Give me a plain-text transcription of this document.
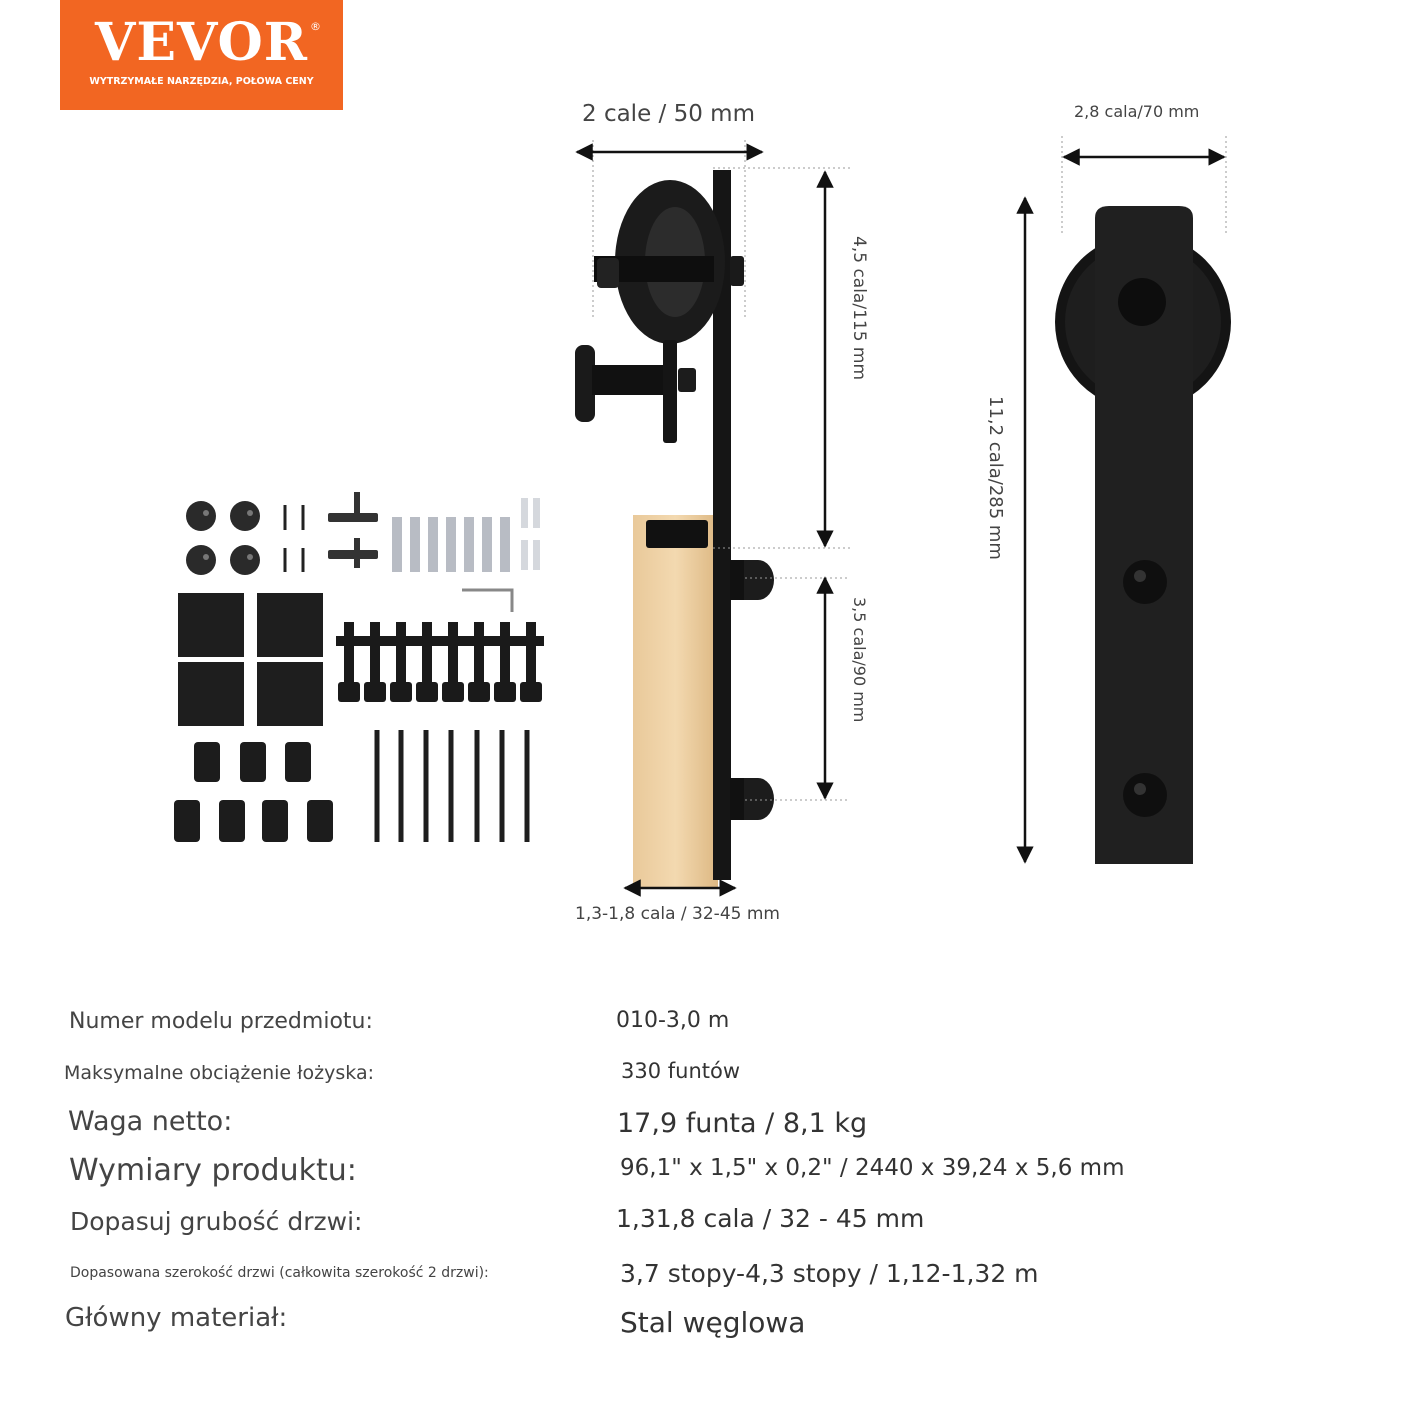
VEVOR ®
WYTRZYMAŁE NARZĘDZIA, POŁOWA CENY
2 cale / 50 mm	2,8 cala/70 mm
1,3-1,8 cala / 32-45 mm
4,5 cala/115 mm
3,5 cala/90 mm
11,2 cala/285 mm
Numer modelu przedmiotu:	010-3,0 m
Maksymalne obciążenie łożyska:	330 funtów
Waga netto:	17,9 funta / 8,1 kg
Wymiary produktu:	96,1" x 1,5" x 0,2" / 2440 x 39,24 x 5,6 mm
Dopasuj grubość drzwi:	1,31,8 cala / 32 - 45 mm
Dopasowana szerokość drzwi (całkowita szerokość 2 drzwi):	3,7 stopy-4,3 stopy / 1,12-1,32 m
Główny materiał:	Stal węglowa
